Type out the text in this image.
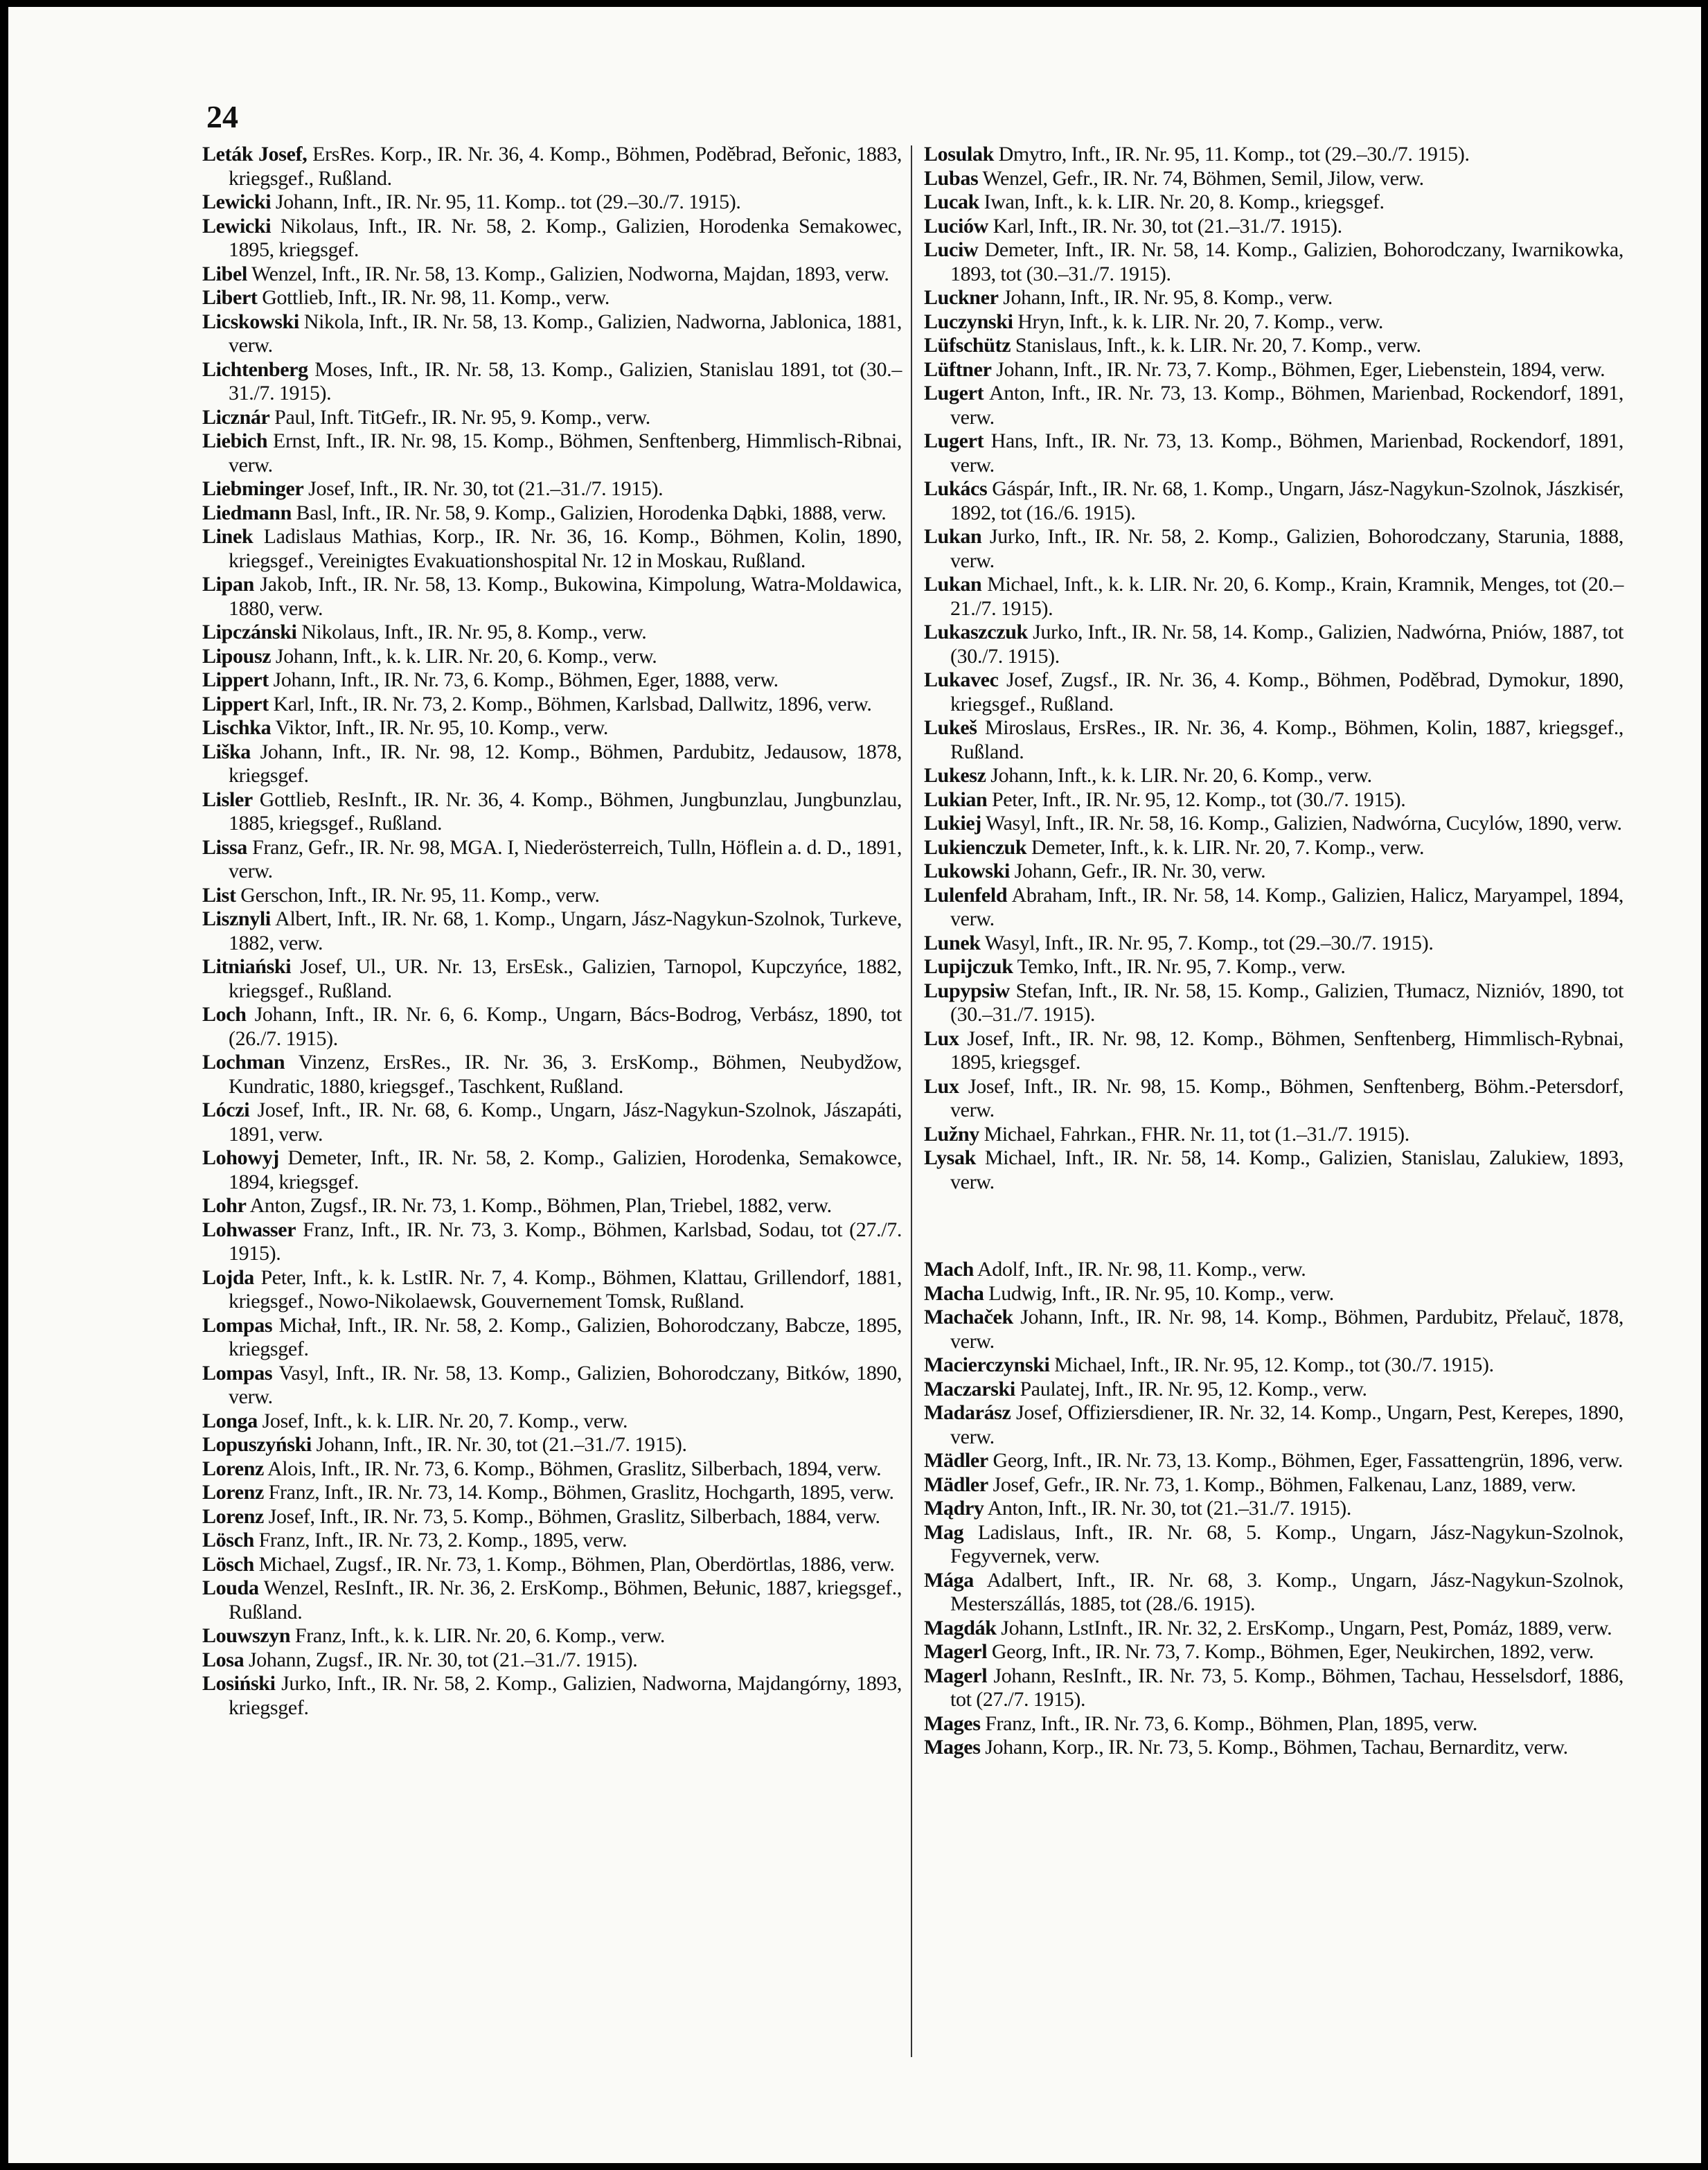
24
Leták Josef, ErsRes. Korp., IR. Nr. 36, 4. Komp., Böhmen, Poděbrad, Beřonic, 1883, kriegsgef., Rußland.
Lewicki Johann, Inft., IR. Nr. 95, 11. Komp.. tot (29.–30./7. 1915).
Lewicki Nikolaus, Inft., IR. Nr. 58, 2. Komp., Galizien, Horodenka Semakowec, 1895, kriegsgef.
Libel Wenzel, Inft., IR. Nr. 58, 13. Komp., Galizien, Nodworna, Majdan, 1893, verw.
Libert Gottlieb, Inft., IR. Nr. 98, 11. Komp., verw.
Licskowski Nikola, Inft., IR. Nr. 58, 13. Komp., Galizien, Nadworna, Jablonica, 1881, verw.
Lichtenberg Moses, Inft., IR. Nr. 58, 13. Komp., Galizien, Stanislau 1891, tot (30.–31./7. 1915).
Licznár Paul, Inft. TitGefr., IR. Nr. 95, 9. Komp., verw.
Liebich Ernst, Inft., IR. Nr. 98, 15. Komp., Böhmen, Senftenberg, Himmlisch-Ribnai, verw.
Liebminger Josef, Inft., IR. Nr. 30, tot (21.–31./7. 1915).
Liedmann Basl, Inft., IR. Nr. 58, 9. Komp., Galizien, Horodenka Dąbki, 1888, verw.
Linek Ladislaus Mathias, Korp., IR. Nr. 36, 16. Komp., Böhmen, Kolin, 1890, kriegsgef., Vereinigtes Evakuationshospital Nr. 12 in Moskau, Rußland.
Lipan Jakob, Inft., IR. Nr. 58, 13. Komp., Bukowina, Kimpolung, Watra-Moldawica, 1880, verw.
Lipczánski Nikolaus, Inft., IR. Nr. 95, 8. Komp., verw.
Lipousz Johann, Inft., k. k. LIR. Nr. 20, 6. Komp., verw.
Lippert Johann, Inft., IR. Nr. 73, 6. Komp., Böhmen, Eger, 1888, verw.
Lippert Karl, Inft., IR. Nr. 73, 2. Komp., Böhmen, Karlsbad, Dallwitz, 1896, verw.
Lischka Viktor, Inft., IR. Nr. 95, 10. Komp., verw.
Liška Johann, Inft., IR. Nr. 98, 12. Komp., Böhmen, Pardubitz, Jedausow, 1878, kriegsgef.
Lisler Gottlieb, ResInft., IR. Nr. 36, 4. Komp., Böhmen, Jungbunzlau, Jungbunzlau, 1885, kriegsgef., Rußland.
Lissa Franz, Gefr., IR. Nr. 98, MGA. I, Niederösterreich, Tulln, Höflein a. d. D., 1891, verw.
List Gerschon, Inft., IR. Nr. 95, 11. Komp., verw.
Lisznyli Albert, Inft., IR. Nr. 68, 1. Komp., Ungarn, Jász-Nagykun-Szolnok, Turkeve, 1882, verw.
Litniański Josef, Ul., UR. Nr. 13, ErsEsk., Galizien, Tarnopol, Kupczyńce, 1882, kriegsgef., Rußland.
Loch Johann, Inft., IR. Nr. 6, 6. Komp., Ungarn, Bács-Bodrog, Verbász, 1890, tot (26./7. 1915).
Lochman Vinzenz, ErsRes., IR. Nr. 36, 3. ErsKomp., Böhmen, Neubydžow, Kundratic, 1880, kriegsgef., Taschkent, Rußland.
Lóczi Josef, Inft., IR. Nr. 68, 6. Komp., Ungarn, Jász-Nagykun-Szolnok, Jászapáti, 1891, verw.
Lohowyj Demeter, Inft., IR. Nr. 58, 2. Komp., Galizien, Horodenka, Semakowce, 1894, kriegsgef.
Lohr Anton, Zugsf., IR. Nr. 73, 1. Komp., Böhmen, Plan, Triebel, 1882, verw.
Lohwasser Franz, Inft., IR. Nr. 73, 3. Komp., Böhmen, Karlsbad, Sodau, tot (27./7. 1915).
Lojda Peter, Inft., k. k. LstIR. Nr. 7, 4. Komp., Böhmen, Klattau, Grillendorf, 1881, kriegsgef., Nowo-Nikolaewsk, Gouvernement Tomsk, Rußland.
Lompas Michał, Inft., IR. Nr. 58, 2. Komp., Galizien, Bohorodczany, Babcze, 1895, kriegsgef.
Lompas Vasyl, Inft., IR. Nr. 58, 13. Komp., Galizien, Bohorodczany, Bitków, 1890, verw.
Longa Josef, Inft., k. k. LIR. Nr. 20, 7. Komp., verw.
Lopuszyński Johann, Inft., IR. Nr. 30, tot (21.–31./7. 1915).
Lorenz Alois, Inft., IR. Nr. 73, 6. Komp., Böhmen, Graslitz, Silberbach, 1894, verw.
Lorenz Franz, Inft., IR. Nr. 73, 14. Komp., Böhmen, Graslitz, Hochgarth, 1895, verw.
Lorenz Josef, Inft., IR. Nr. 73, 5. Komp., Böhmen, Graslitz, Silberbach, 1884, verw.
Lösch Franz, Inft., IR. Nr. 73, 2. Komp., 1895, verw.
Lösch Michael, Zugsf., IR. Nr. 73, 1. Komp., Böhmen, Plan, Oberdörtlas, 1886, verw.
Louda Wenzel, ResInft., IR. Nr. 36, 2. ErsKomp., Böhmen, Bełunic, 1887, kriegsgef., Rußland.
Louwszyn Franz, Inft., k. k. LIR. Nr. 20, 6. Komp., verw.
Losa Johann, Zugsf., IR. Nr. 30, tot (21.–31./7. 1915).
Losiński Jurko, Inft., IR. Nr. 58, 2. Komp., Galizien, Nadworna, Majdangórny, 1893, kriegsgef.
Losulak Dmytro, Inft., IR. Nr. 95, 11. Komp., tot (29.–30./7. 1915).
Lubas Wenzel, Gefr., IR. Nr. 74, Böhmen, Semil, Jilow, verw.
Lucak Iwan, Inft., k. k. LIR. Nr. 20, 8. Komp., kriegsgef.
Luciów Karl, Inft., IR. Nr. 30, tot (21.–31./7. 1915).
Luciw Demeter, Inft., IR. Nr. 58, 14. Komp., Galizien, Bohorodczany, Iwarnikowka, 1893, tot (30.–31./7. 1915).
Luckner Johann, Inft., IR. Nr. 95, 8. Komp., verw.
Luczynski Hryn, Inft., k. k. LIR. Nr. 20, 7. Komp., verw.
Lüfschütz Stanislaus, Inft., k. k. LIR. Nr. 20, 7. Komp., verw.
Lüftner Johann, Inft., IR. Nr. 73, 7. Komp., Böhmen, Eger, Liebenstein, 1894, verw.
Lugert Anton, Inft., IR. Nr. 73, 13. Komp., Böhmen, Marienbad, Rockendorf, 1891, verw.
Lugert Hans, Inft., IR. Nr. 73, 13. Komp., Böhmen, Marienbad, Rockendorf, 1891, verw.
Lukács Gáspár, Inft., IR. Nr. 68, 1. Komp., Ungarn, Jász-Nagykun-Szolnok, Jászkisér, 1892, tot (16./6. 1915).
Lukan Jurko, Inft., IR. Nr. 58, 2. Komp., Galizien, Bohorodczany, Starunia, 1888, verw.
Lukan Michael, Inft., k. k. LIR. Nr. 20, 6. Komp., Krain, Kramnik, Menges, tot (20.–21./7. 1915).
Lukaszczuk Jurko, Inft., IR. Nr. 58, 14. Komp., Galizien, Nadwórna, Pniów, 1887, tot (30./7. 1915).
Lukavec Josef, Zugsf., IR. Nr. 36, 4. Komp., Böhmen, Poděbrad, Dymokur, 1890, kriegsgef., Rußland.
Lukeš Miroslaus, ErsRes., IR. Nr. 36, 4. Komp., Böhmen, Kolin, 1887, kriegsgef., Rußland.
Lukesz Johann, Inft., k. k. LIR. Nr. 20, 6. Komp., verw.
Lukian Peter, Inft., IR. Nr. 95, 12. Komp., tot (30./7. 1915).
Lukiej Wasyl, Inft., IR. Nr. 58, 16. Komp., Galizien, Nadwórna, Cucylów, 1890, verw.
Lukienczuk Demeter, Inft., k. k. LIR. Nr. 20, 7. Komp., verw.
Lukowski Johann, Gefr., IR. Nr. 30, verw.
Lulenfeld Abraham, Inft., IR. Nr. 58, 14. Komp., Galizien, Halicz, Maryampel, 1894, verw.
Lunek Wasyl, Inft., IR. Nr. 95, 7. Komp., tot (29.–30./7. 1915).
Lupijczuk Temko, Inft., IR. Nr. 95, 7. Komp., verw.
Lupypsiw Stefan, Inft., IR. Nr. 58, 15. Komp., Galizien, Tłumacz, Niznióv, 1890, tot (30.–31./7. 1915).
Lux Josef, Inft., IR. Nr. 98, 12. Komp., Böhmen, Senftenberg, Himmlisch-Rybnai, 1895, kriegsgef.
Lux Josef, Inft., IR. Nr. 98, 15. Komp., Böhmen, Senftenberg, Böhm.-Petersdorf, verw.
Lužny Michael, Fahrkan., FHR. Nr. 11, tot (1.–31./7. 1915).
Lysak Michael, Inft., IR. Nr. 58, 14. Komp., Galizien, Stanislau, Zalukiew, 1893, verw.
Mach Adolf, Inft., IR. Nr. 98, 11. Komp., verw.
Macha Ludwig, Inft., IR. Nr. 95, 10. Komp., verw.
Machaček Johann, Inft., IR. Nr. 98, 14. Komp., Böhmen, Pardubitz, Přelauč, 1878, verw.
Macierczynski Michael, Inft., IR. Nr. 95, 12. Komp., tot (30./7. 1915).
Maczarski Paulatej, Inft., IR. Nr. 95, 12. Komp., verw.
Madarász Josef, Offiziersdiener, IR. Nr. 32, 14. Komp., Ungarn, Pest, Kerepes, 1890, verw.
Mädler Georg, Inft., IR. Nr. 73, 13. Komp., Böhmen, Eger, Fassattengrün, 1896, verw.
Mädler Josef, Gefr., IR. Nr. 73, 1. Komp., Böhmen, Falkenau, Lanz, 1889, verw.
Mądry Anton, Inft., IR. Nr. 30, tot (21.–31./7. 1915).
Mag Ladislaus, Inft., IR. Nr. 68, 5. Komp., Ungarn, Jász-Nagykun-Szolnok, Fegyvernek, verw.
Mága Adalbert, Inft., IR. Nr. 68, 3. Komp., Ungarn, Jász-Nagykun-Szolnok, Mesterszállás, 1885, tot (28./6. 1915).
Magdák Johann, LstInft., IR. Nr. 32, 2. ErsKomp., Ungarn, Pest, Pomáz, 1889, verw.
Magerl Georg, Inft., IR. Nr. 73, 7. Komp., Böhmen, Eger, Neukirchen, 1892, verw.
Magerl Johann, ResInft., IR. Nr. 73, 5. Komp., Böhmen, Tachau, Hesselsdorf, 1886, tot (27./7. 1915).
Mages Franz, Inft., IR. Nr. 73, 6. Komp., Böhmen, Plan, 1895, verw.
Mages Johann, Korp., IR. Nr. 73, 5. Komp., Böhmen, Tachau, Bernarditz, verw.
